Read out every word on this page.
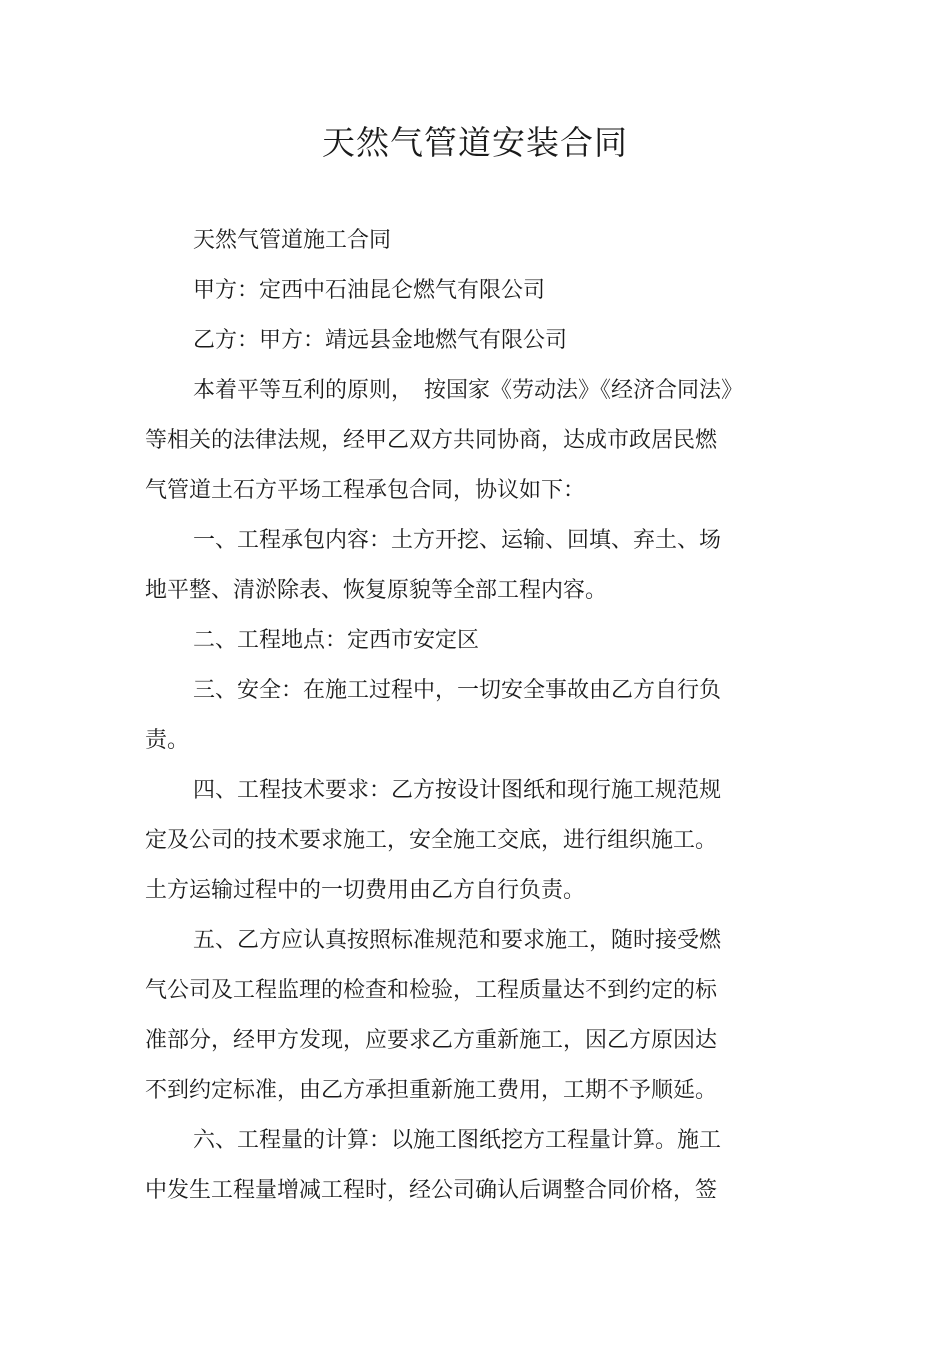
天然气管道安装合同

天然气管道施工合同

甲方：定西中石油昆仑燃气有限公司

乙方：甲方：靖远县金地燃气有限公司

本着平等互利的原则，　按国家《劳动法》《经济合同法》

等相关的法律法规，经甲乙双方共同协商，达成市政居民燃

气管道土石方平场工程承包合同，协议如下：

一、工程承包内容：土方开挖、运输、回填、弃土、场

地平整、清淤除表、恢复原貌等全部工程内容。

二、工程地点：定西市安定区

三、安全：在施工过程中，一切安全事故由乙方自行负

责。

四、工程技术要求：乙方按设计图纸和现行施工规范规

定及公司的技术要求施工，安全施工交底，进行组织施工。

土方运输过程中的一切费用由乙方自行负责。

五、乙方应认真按照标准规范和要求施工，随时接受燃

气公司及工程监理的检查和检验，工程质量达不到约定的标

准部分，经甲方发现，应要求乙方重新施工，因乙方原因达

不到约定标准，由乙方承担重新施工费用，工期不予顺延。

六、工程量的计算：以施工图纸挖方工程量计算。施工

中发生工程量增减工程时，经公司确认后调整合同价格，签
